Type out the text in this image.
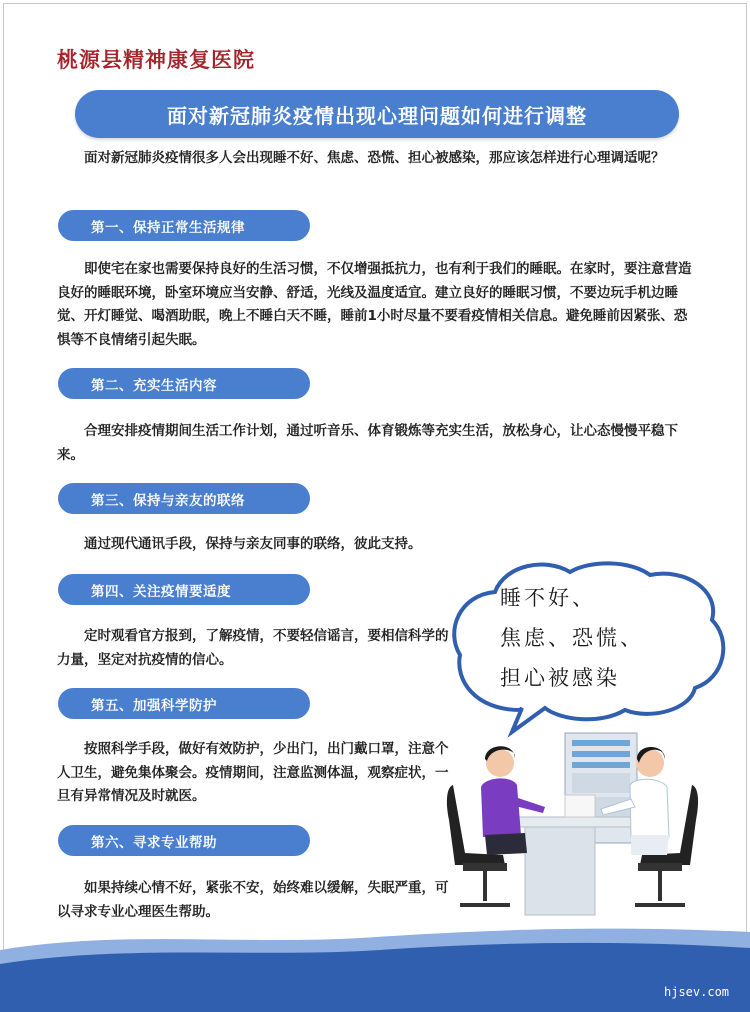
桃源县精神康复医院
面对新冠肺炎疫情出现心理问题如何进行调整
面对新冠肺炎疫情很多人会出现睡不好、焦虑、恐慌、担心被感染，那应该怎样进行心理调适呢？
第一、保持正常生活规律
即使宅在家也需要保持良好的生活习惯，不仅增强抵抗力，也有利于我们的睡眠。在家时，要注意营造良好的睡眠环境，卧室环境应当安静、舒适，光线及温度适宜。建立良好的睡眠习惯，不要边玩手机边睡觉、开灯睡觉、喝酒助眠，晚上不睡白天不睡，睡前1小时尽量不要看疫情相关信息。避免睡前因紧张、恐惧等不良情绪引起失眠。
第二、充实生活内容
合理安排疫情期间生活工作计划，通过听音乐、体育锻炼等充实生活，放松身心，让心态慢慢平稳下来。
第三、保持与亲友的联络
通过现代通讯手段，保持与亲友同事的联络，彼此支持。
第四、关注疫情要适度
定时观看官方报到，了解疫情，不要轻信谣言，要相信科学的力量，坚定对抗疫情的信心。
第五、加强科学防护
按照科学手段，做好有效防护，少出门，出门戴口罩，注意个人卫生，避免集体聚会。疫情期间，注意监测体温，观察症状，一旦有异常情况及时就医。
第六、寻求专业帮助
如果持续心情不好，紧张不安，始终难以缓解，失眠严重，可以寻求专业心理医生帮助。
睡不好、
焦虑、恐慌、
担心被感染
hjsev.com
